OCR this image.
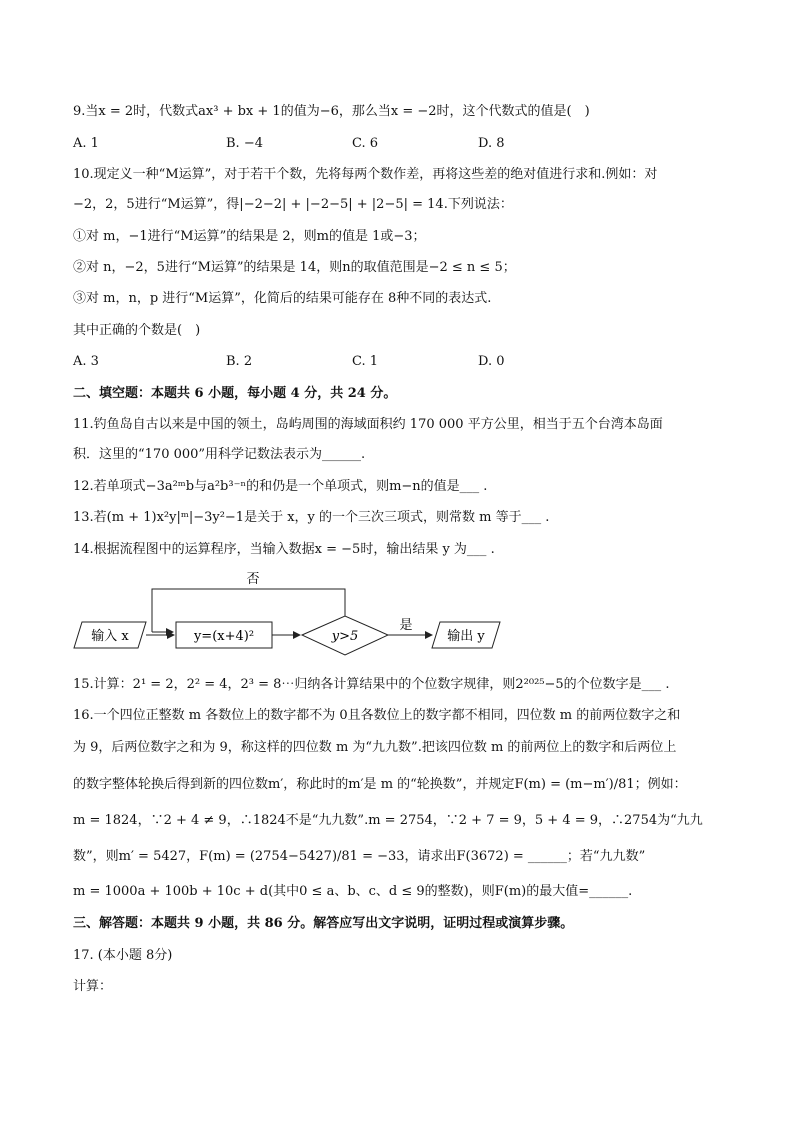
9.当x = 2时，代数式ax³ + bx + 1的值为−6，那么当x = −2时，这个代数式的值是(　)
A. 1	B. −4	C. 6	D. 8
10.现定义一种“M运算”，对于若干个数，先将每两个数作差，再将这些差的绝对值进行求和.例如：对
−2，2，5进行“M运算”，得|−2−2| + |−2−5| + |2−5| = 14.下列说法：
①对 m，−1进行“M运算”的结果是 2，则m的值是 1或−3；
②对 n，−2，5进行“M运算”的结果是 14，则n的取值范围是−2 ≤ n ≤ 5；
③对 m，n，p 进行“M运算”，化简后的结果可能存在 8种不同的表达式.
其中正确的个数是(　)
A. 3	B. 2	C. 1	D. 0
二、填空题：本题共 6 小题，每小题 4 分，共 24 分。
11.钓鱼岛自古以来是中国的领土，岛屿周围的海域面积约 170 000 平方公里，相当于五个台湾本岛面
积．这里的“170 000”用科学记数法表示为______.
12.若单项式−3a²ᵐb与a²b³⁻ⁿ的和仍是一个单项式，则m−n的值是___ .
13.若(m + 1)x²y|ᵐ|−3y²−1是关于 x，y 的一个三次三项式，则常数 m 等于___ .
14.根据流程图中的运算程序，当输入数据x = −5时，输出结果 y 为___ .
输入 x	y=(x+4)²	y>5
是
输出 y
否
15.计算：2¹ = 2，2² = 4，2³ = 8⋯归纳各计算结果中的个位数字规律，则2²⁰²⁵−5的个位数字是___ .
16.一个四位正整数 m 各数位上的数字都不为 0且各数位上的数字都不相同，四位数 m 的前两位数字之和
为 9，后两位数字之和为 9，称这样的四位数 m 为“九九数”.把该四位数 m 的前两位上的数字和后两位上
的数字整体轮换后得到新的四位数m′，称此时的m′是 m 的“轮换数”，并规定F(m) = (m−m′)/81；例如：
m = 1824，∵2 + 4 ≠ 9，∴1824不是“九九数”.m = 2754，∵2 + 7 = 9，5 + 4 = 9，∴2754为“九九
数”，则m′ = 5427，F(m) = (2754−5427)/81 = −33，请求出F(3672) = ______；若“九九数”
m = 1000a + 100b + 10c + d(其中0 ≤ a、b、c、d ≤ 9的整数)，则F(m)的最大值=______.
三、解答题：本题共 9 小题，共 86 分。解答应写出文字说明，证明过程或演算步骤。
17. (本小题 8分)
计算：
